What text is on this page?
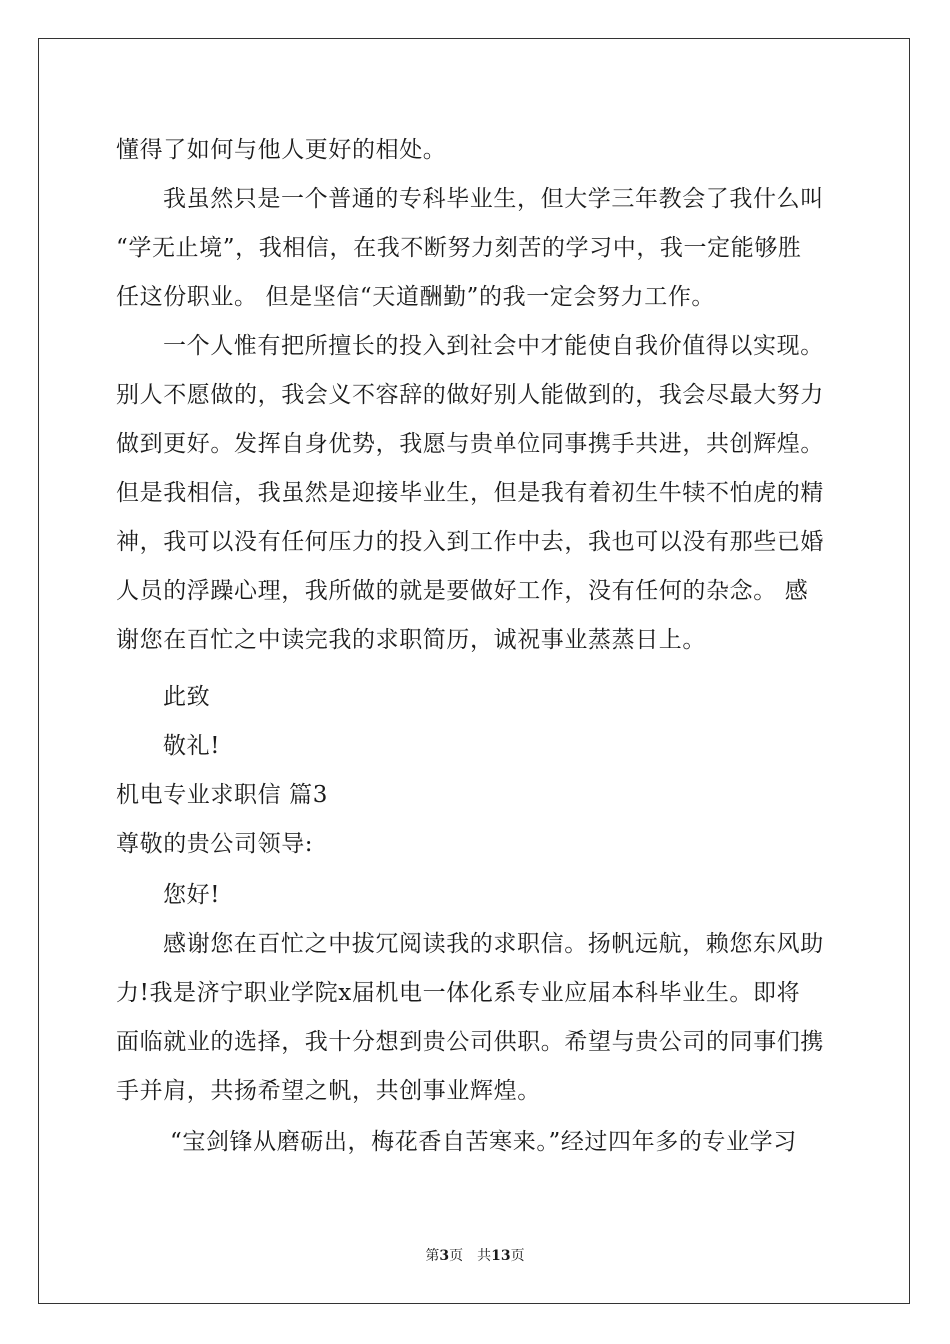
懂得了如何与他人更好的相处。
我虽然只是一个普通的专科毕业生，但大学三年教会了我什么叫
“学无止境”，我相信，在我不断努力刻苦的学习中，我一定能够胜
任这份职业。 但是坚信“天道酬勤”的我一定会努力工作。
一个人惟有把所擅长的投入到社会中才能使自我价值得以实现。
别人不愿做的，我会义不容辞的做好别人能做到的，我会尽最大努力
做到更好。发挥自身优势，我愿与贵单位同事携手共进，共创辉煌。
但是我相信，我虽然是迎接毕业生，但是我有着初生牛犊不怕虎的精
神，我可以没有任何压力的投入到工作中去，我也可以没有那些已婚
人员的浮躁心理，我所做的就是要做好工作，没有任何的杂念。 感
谢您在百忙之中读完我的求职简历，诚祝事业蒸蒸日上。
此致
敬礼!
机电专业求职信 篇3
尊敬的贵公司领导:
您好!
感谢您在百忙之中拔冗阅读我的求职信。扬帆远航，赖您东风助
力!我是济宁职业学院x届机电一体化系专业应届本科毕业生。即将
面临就业的选择，我十分想到贵公司供职。希望与贵公司的同事们携
手并肩，共扬希望之帆，共创事业辉煌。
“宝剑锋从磨砺出，梅花香自苦寒来。”经过四年多的专业学习
第3页 共13页
